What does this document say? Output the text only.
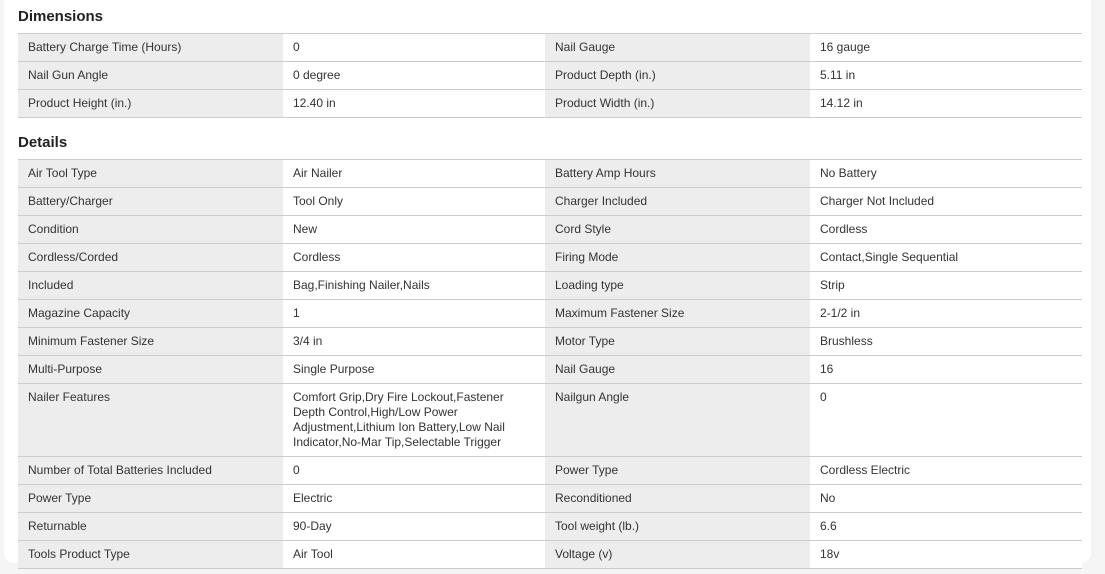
Dimensions
Battery Charge Time (Hours)	0	Nail Gauge	16 gauge
Nail Gun Angle	0 degree	Product Depth (in.)	5.11 in
Product Height (in.)	12.40 in	Product Width (in.)	14.12 in
Details
Air Tool Type	Air Nailer	Battery Amp Hours	No Battery
Battery/Charger	Tool Only	Charger Included	Charger Not Included
Condition	New	Cord Style	Cordless
Cordless/Corded	Cordless	Firing Mode	Contact,Single Sequential
Included	Bag,Finishing Nailer,Nails	Loading type	Strip
Magazine Capacity	1	Maximum Fastener Size	2-1/2 in
Minimum Fastener Size	3/4 in	Motor Type	Brushless
Multi-Purpose	Single Purpose	Nail Gauge	16
Nailer Features	Comfort Grip,Dry Fire Lockout,Fastener Depth Control,High/Low Power Adjustment,Lithium Ion Battery,Low Nail Indicator,No-Mar Tip,Selectable Trigger	Nailgun Angle	0
Number of Total Batteries Included	0	Power Type	Cordless Electric
Power Type	Electric	Reconditioned	No
Returnable	90-Day	Tool weight (lb.)	6.6
Tools Product Type	Air Tool	Voltage (v)	18v
